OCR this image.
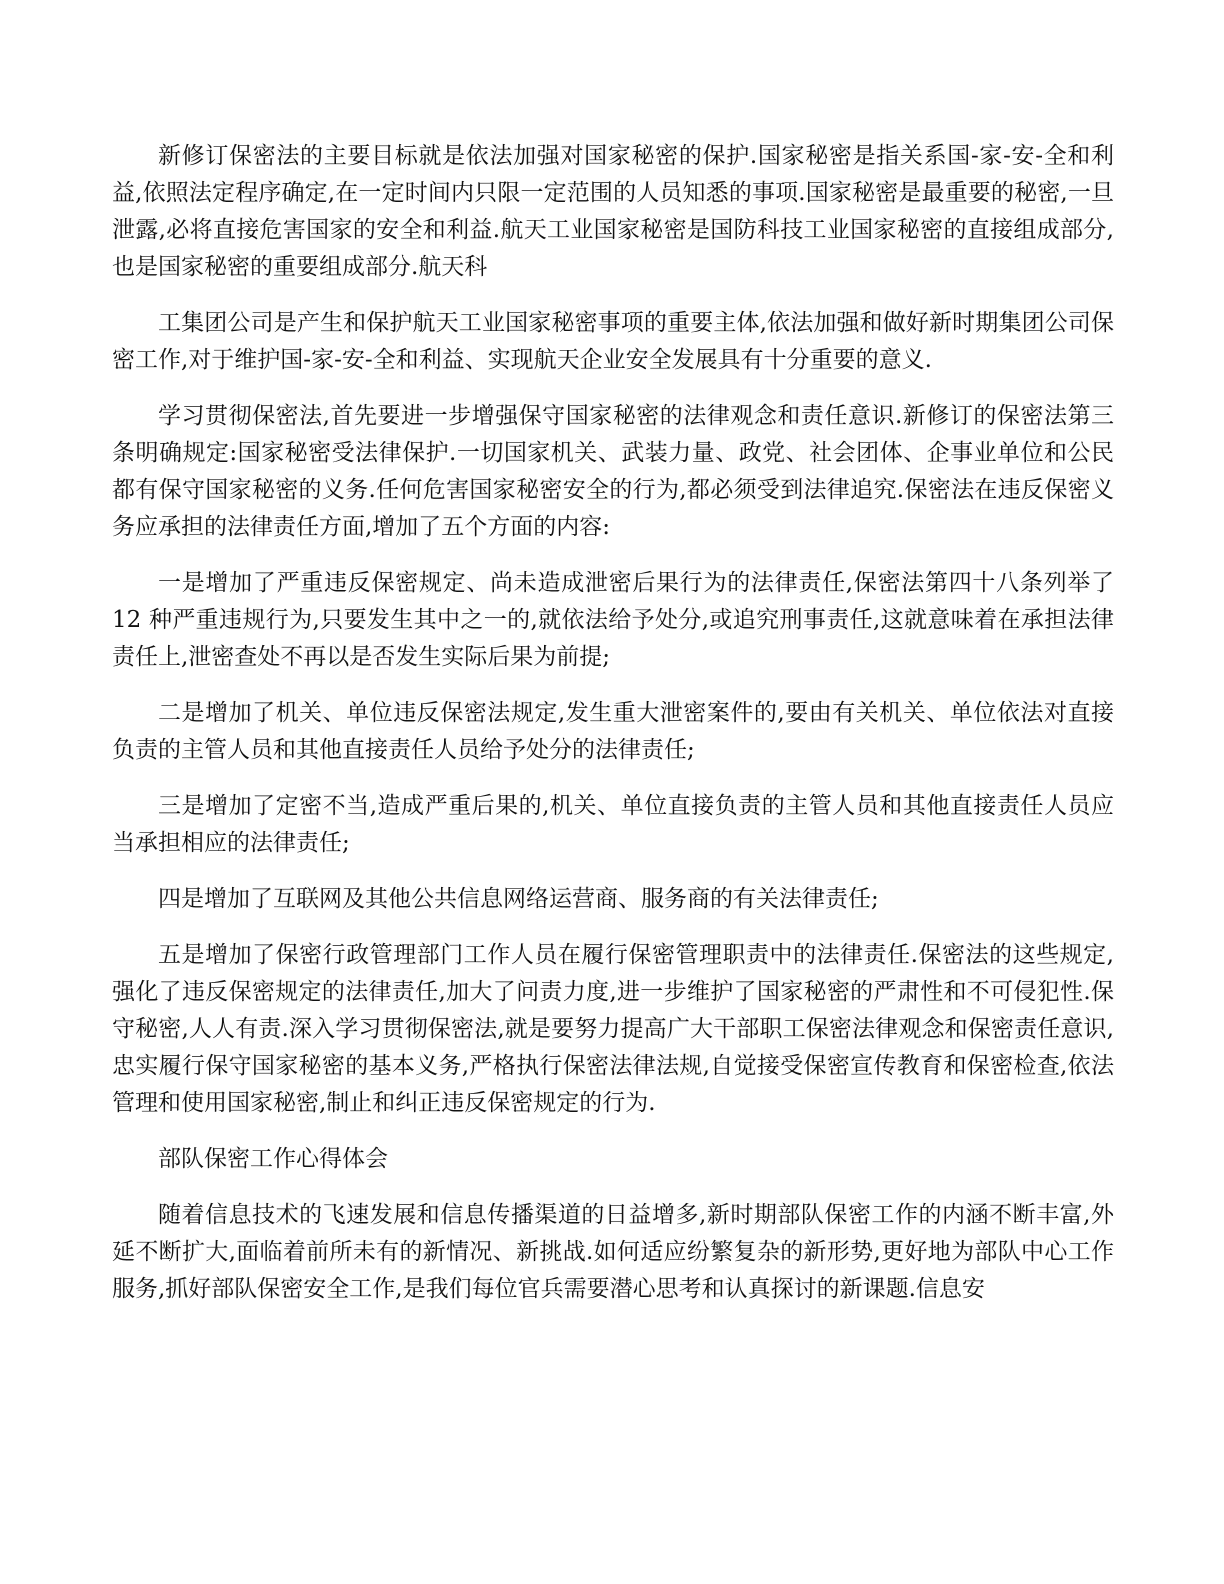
新修订保密法的主要目标就是依法加强对国家秘密的保护.国家秘密是指关系国-家-安-全和利益,依照法定程序确定,在一定时间内只限一定范围的人员知悉的事项.国家秘密是最重要的秘密,一旦泄露,必将直接危害国家的安全和利益.航天工业国家秘密是国防科技工业国家秘密的直接组成部分,也是国家秘密的重要组成部分.航天科

工集团公司是产生和保护航天工业国家秘密事项的重要主体,依法加强和做好新时期集团公司保密工作,对于维护国-家-安-全和利益、实现航天企业安全发展具有十分重要的意义.

学习贯彻保密法,首先要进一步增强保守国家秘密的法律观念和责任意识.新修订的保密法第三条明确规定:国家秘密受法律保护.一切国家机关、武装力量、政党、社会团体、企事业单位和公民都有保守国家秘密的义务.任何危害国家秘密安全的行为,都必须受到法律追究.保密法在违反保密义务应承担的法律责任方面,增加了五个方面的内容:

一是增加了严重违反保密规定、尚未造成泄密后果行为的法律责任,保密法第四十八条列举了 12 种严重违规行为,只要发生其中之一的,就依法给予处分,或追究刑事责任,这就意味着在承担法律责任上,泄密查处不再以是否发生实际后果为前提;

二是增加了机关、单位违反保密法规定,发生重大泄密案件的,要由有关机关、单位依法对直接负责的主管人员和其他直接责任人员给予处分的法律责任;

三是增加了定密不当,造成严重后果的,机关、单位直接负责的主管人员和其他直接责任人员应当承担相应的法律责任;

四是增加了互联网及其他公共信息网络运营商、服务商的有关法律责任;

五是增加了保密行政管理部门工作人员在履行保密管理职责中的法律责任.保密法的这些规定,强化了违反保密规定的法律责任,加大了问责力度,进一步维护了国家秘密的严肃性和不可侵犯性.保守秘密,人人有责.深入学习贯彻保密法,就是要努力提高广大干部职工保密法律观念和保密责任意识,忠实履行保守国家秘密的基本义务,严格执行保密法律法规,自觉接受保密宣传教育和保密检查,依法管理和使用国家秘密,制止和纠正违反保密规定的行为.

部队保密工作心得体会

随着信息技术的飞速发展和信息传播渠道的日益增多,新时期部队保密工作的内涵不断丰富,外延不断扩大,面临着前所未有的新情况、新挑战.如何适应纷繁复杂的新形势,更好地为部队中心工作服务,抓好部队保密安全工作,是我们每位官兵需要潜心思考和认真探讨的新课题.信息安
